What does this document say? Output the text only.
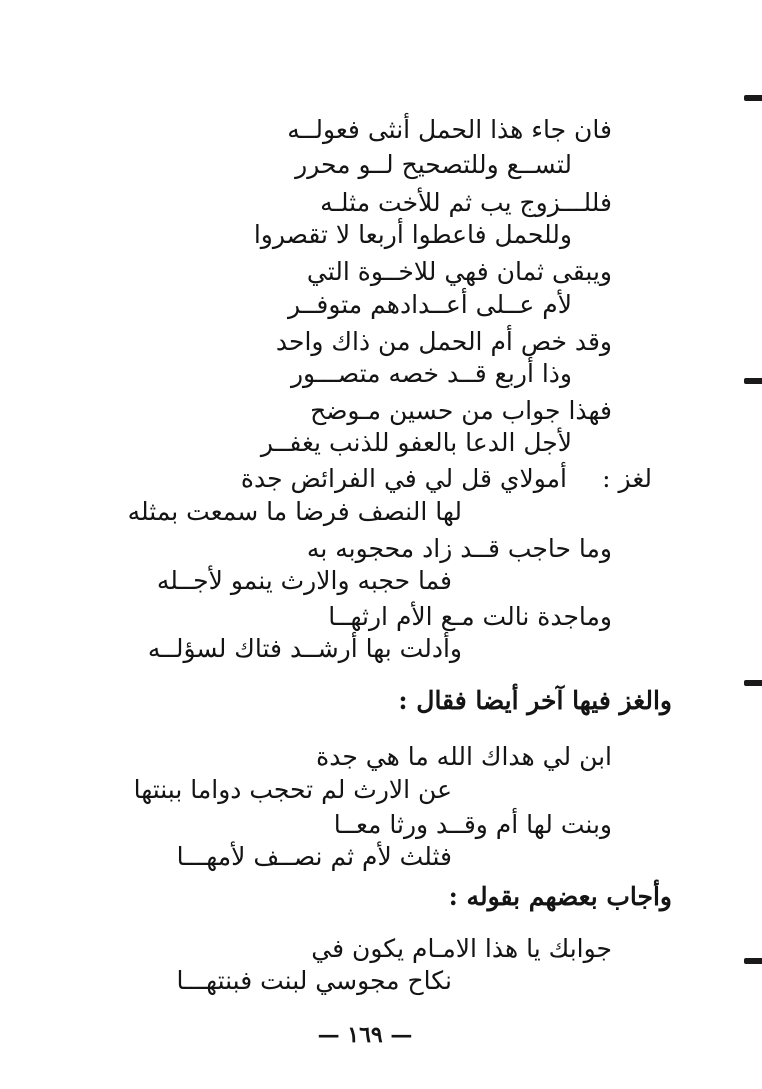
فان جاء هذا الحمل أنثى فعولــه
لتســع وللتصحيح لــو محرر
فللـــزوج يب ثم للأخت مثلـه
وللحمل فاعطوا أربعا لا تقصروا
ويبقى ثمان فهي للاخــوة التي
لأم عــلى أعــدادهم متوفــر
وقد خص أم الحمل من ذاك واحد
وذا أربع قــد خصه متصـــور
فهذا جواب من حسين مـوضح
لأجل الدعا بالعفو للذنب يغفــر
لغز :
أمولاي قل لي في الفرائض جدة
لها النصف فرضا ما سمعت بمثله
وما حاجب قــد زاد محجوبه به
فما حجبه والارث ينمو لأجــله
وماجدة نالت مـع الأم ارثهــا
وأدلت بها أرشــد فتاك لسؤلــه
والغز فيها آخر أيضا فقال :
ابن لي هداك الله ما هي جدة
عن الارث لم تحجب دواما ببنتها
وبنت لها أم وقــد ورثا معــا
فثلث لأم ثم نصــف لأمهـــا
وأجاب بعضهم بقوله :
جوابك يا هذا الامـام يكون في
نكاح مجوسي لبنت فبنتهـــا
— ١٦٩ —
